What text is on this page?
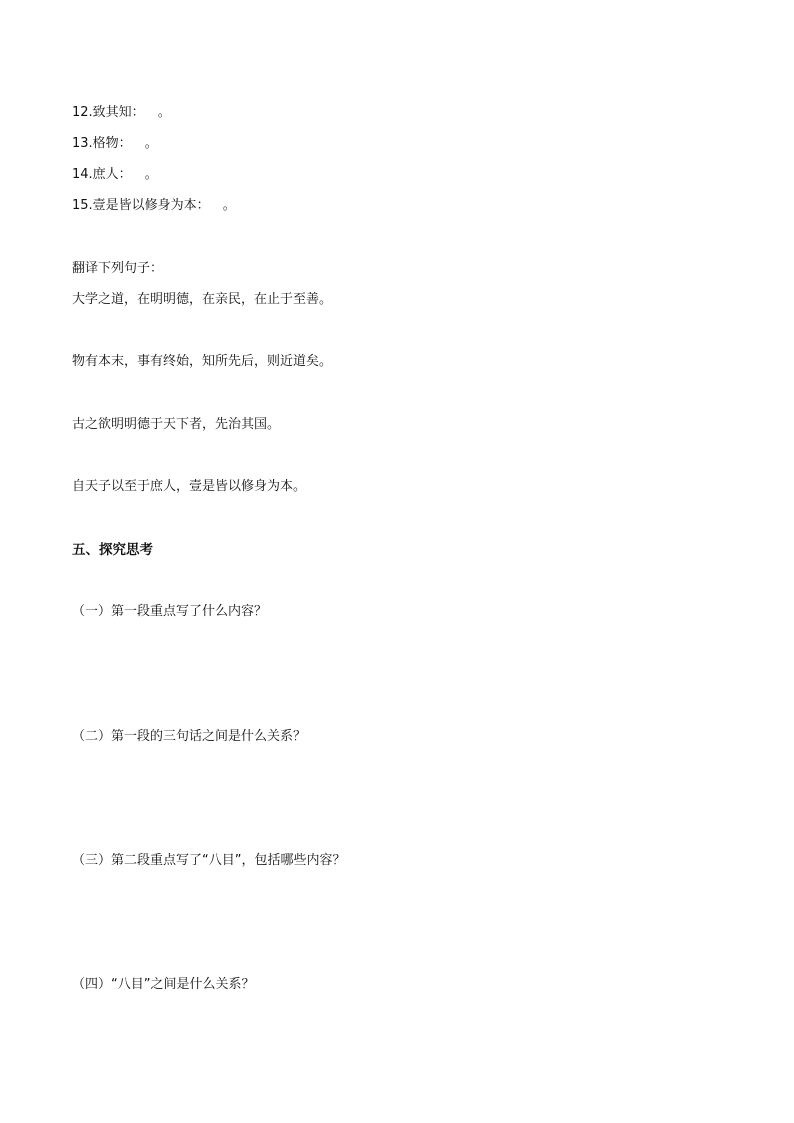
12.致其知：　 。
13.格物：　 。
14.庶人：　 。
15.壹是皆以修身为本：　 。
翻译下列句子：
大学之道，在明明德，在亲民，在止于至善。
物有本末，事有终始，知所先后，则近道矣。
古之欲明明德于天下者，先治其国。
自天子以至于庶人，壹是皆以修身为本。
五、探究思考
（一）第一段重点写了什么内容？
（二）第一段的三句话之间是什么关系？
（三）第二段重点写了“八目”，包括哪些内容？
（四）“八目”之间是什么关系？
